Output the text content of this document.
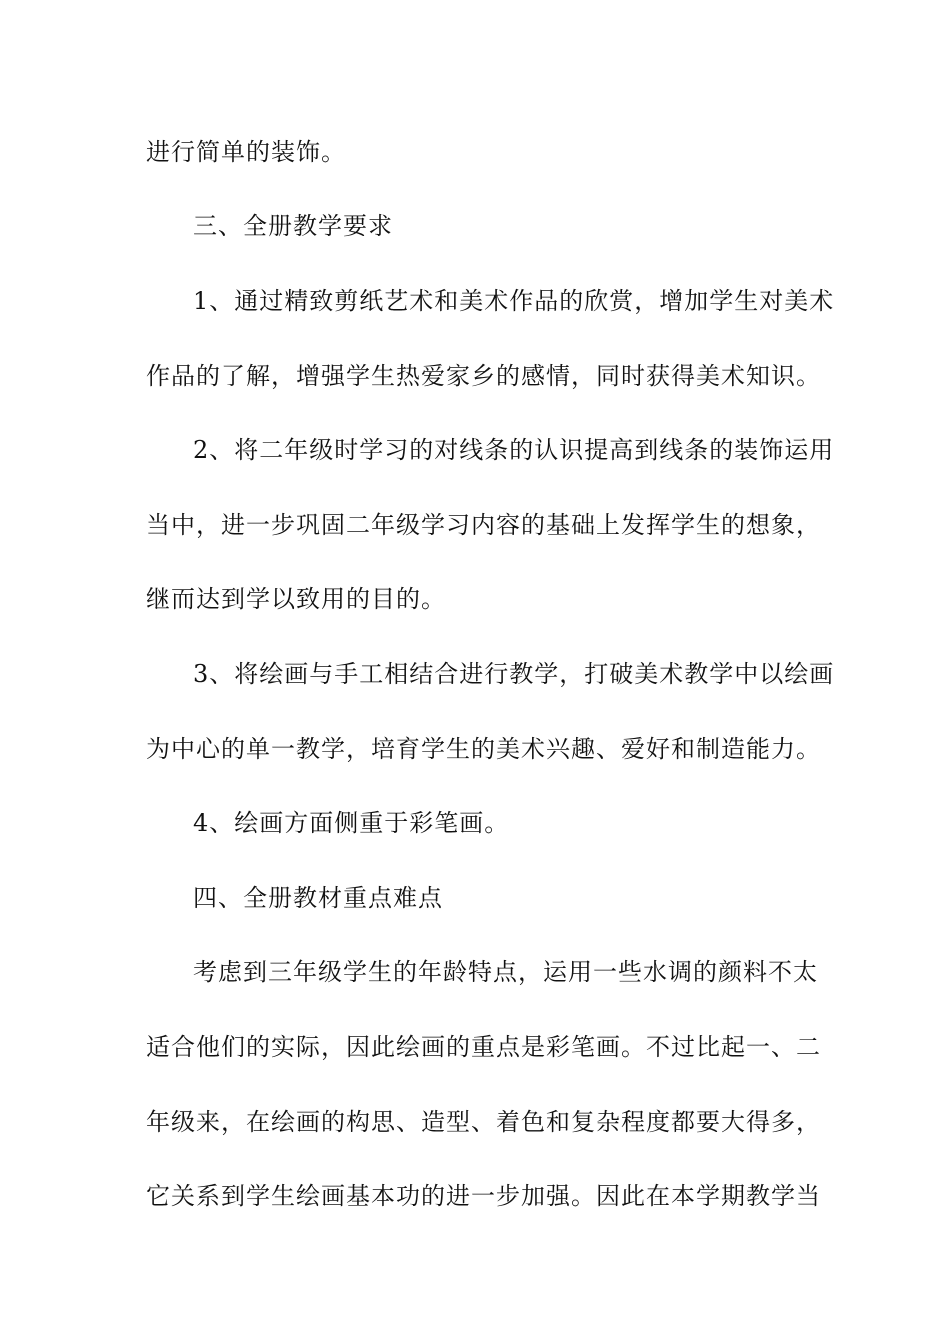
进行简单的装饰。
三、全册教学要求
1、通过精致剪纸艺术和美术作品的欣赏，增加学生对美术
作品的了解，增强学生热爱家乡的感情，同时获得美术知识。
2、将二年级时学习的对线条的认识提高到线条的装饰运用
当中，进一步巩固二年级学习内容的基础上发挥学生的想象，
继而达到学以致用的目的。
3、将绘画与手工相结合进行教学，打破美术教学中以绘画
为中心的单一教学，培育学生的美术兴趣、爱好和制造能力。
4、绘画方面侧重于彩笔画。
四、全册教材重点难点
考虑到三年级学生的年龄特点，运用一些水调的颜料不太
适合他们的实际，因此绘画的重点是彩笔画。不过比起一、二
年级来，在绘画的构思、造型、着色和复杂程度都要大得多，
它关系到学生绘画基本功的进一步加强。因此在本学期教学当
